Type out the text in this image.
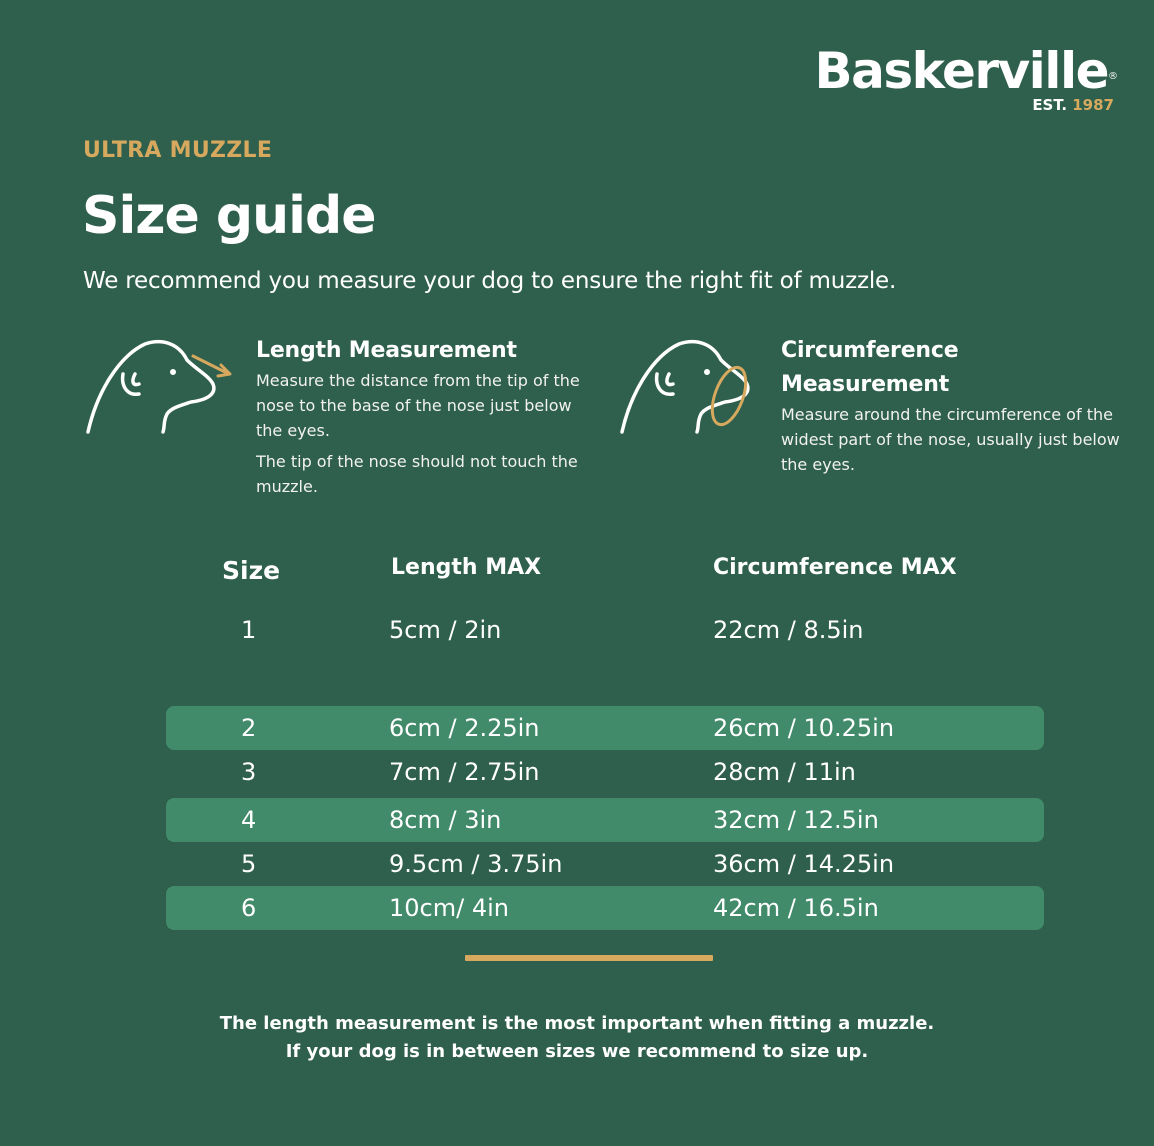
Baskerville®
EST. 1987
ULTRA MUZZLE
Size guide
We recommend you measure your dog to ensure the right fit of muzzle.
Length Measurement
Measure the distance from the tip of the nose to the base of the nose just below the eyes.
The tip of the nose should not touch the muzzle.
Circumference Measurement
Measure around the circumference of the widest part of the nose, usually just below the eyes.
Size	Length MAX	Circumference MAX
1	5cm / 2in	22cm / 8.5in
2	6cm / 2.25in	26cm / 10.25in
3	7cm / 2.75in	28cm / 11in
4	8cm / 3in	32cm / 12.5in
5	9.5cm / 3.75in	36cm / 14.25in
6	10cm/ 4in	42cm / 16.5in
The length measurement is the most important when fitting a muzzle.
If your dog is in between sizes we recommend to size up.
